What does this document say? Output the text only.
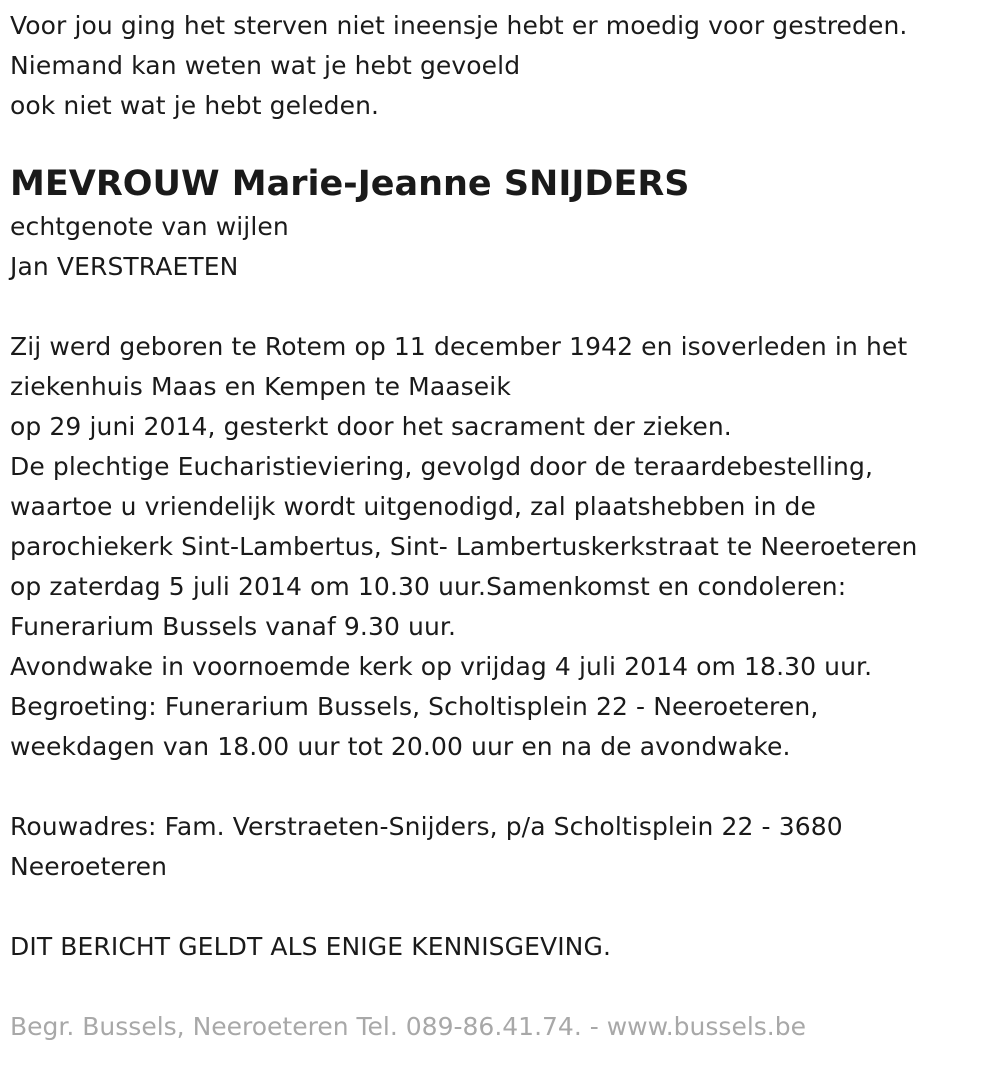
Voor jou ging het sterven niet ineensje hebt er moedig voor gestreden.
Niemand kan weten wat je hebt gevoeld
ook niet wat je hebt geleden.
MEVROUW Marie-Jeanne SNIJDERS
echtgenote van wijlen
Jan VERSTRAETEN
Zij werd geboren te Rotem op 11 december 1942 en isoverleden in het
ziekenhuis Maas en Kempen te Maaseik
op 29 juni 2014, gesterkt door het sacrament der zieken.
De plechtige Eucharistieviering, gevolgd door de teraardebestelling,
waartoe u vriendelijk wordt uitgenodigd, zal plaatshebben in de
parochiekerk Sint-Lambertus, Sint- Lambertuskerkstraat te Neeroeteren
op zaterdag 5 juli 2014 om 10.30 uur.Samenkomst en condoleren:
Funerarium Bussels vanaf 9.30 uur.
Avondwake in voornoemde kerk op vrijdag 4 juli 2014 om 18.30 uur.
Begroeting: Funerarium Bussels, Scholtisplein 22 - Neeroeteren,
weekdagen van 18.00 uur tot 20.00 uur en na de avondwake.
Rouwadres: Fam. Verstraeten-Snijders, p/a Scholtisplein 22 - 3680
Neeroeteren
DIT BERICHT GELDT ALS ENIGE KENNISGEVING.
Begr. Bussels, Neeroeteren Tel. 089-86.41.74. - www.bussels.be
